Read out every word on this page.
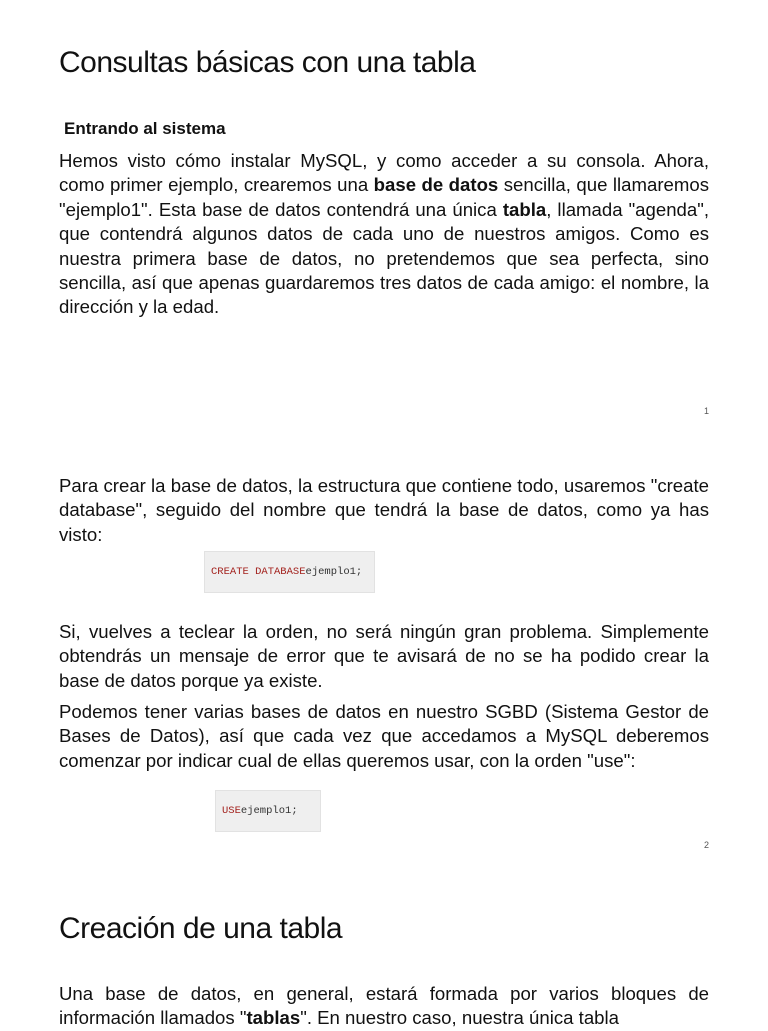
Consultas básicas con una tabla
Entrando al sistema
Hemos visto cómo instalar MySQL, y como acceder a su consola. Ahora, como primer ejemplo, crearemos una base de datos sencilla, que llamaremos "ejemplo1". Esta base de datos contendrá una única tabla, llamada "agenda", que contendrá algunos datos de cada uno de nuestros amigos. Como es nuestra primera base de datos, no pretendemos que sea perfecta, sino sencilla, así que apenas guardaremos tres datos de cada amigo: el nombre, la dirección y la edad.
1
Para crear la base de datos, la estructura que contiene todo, usaremos "create database", seguido del nombre que tendrá la base de datos, como ya has visto:
CREATE DATABASE ejemplo1;
Si, vuelves a teclear la orden, no será ningún gran problema. Simplemente obtendrás un mensaje de error que te avisará de no se ha podido crear la base de datos porque ya existe.
Podemos tener varias bases de datos en nuestro SGBD (Sistema Gestor de Bases de Datos), así que cada vez que accedamos a MySQL deberemos comenzar por indicar cual de ellas queremos usar, con la orden "use":
USE ejemplo1;
2
Creación de una tabla
Una base de datos, en general, estará formada por varios bloques de información llamados "tablas". En nuestro caso, nuestra única tabla
